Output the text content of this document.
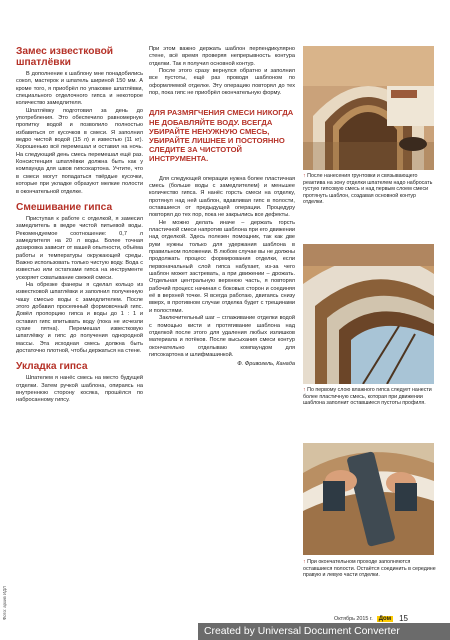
Фото: архив ИДЛ
Замес известковой шпатлёвки

В дополнение к шаблону мне понадобились сокол, мастерок и шпатель шириной 150 мм. А кроме того, я приобрёл по упаковке шпатлёвки, специального отделочного гипса и некоторое количество замедлителя.

Шпатлёвку подготовил за день до употребления. Это обеспечило равномерную пропитку водой и позволило полностью избавиться от кусочков в смеси. Я заполнил ведро чистой водой (15 л) и известью (11 кг). Хорошенько всё перемешал и оставил на ночь. На следующий день смесь перемешал ещё раз. Консистенция шпатлёвки должна быть как у компаунда для швов гипсокартона. Учтите, что в смеси могут попадаться твёрдые кусочки, которые при укладке образуют мелкие полости в окончательной отделке.

Смешивание гипса

Приступая к работе с отделкой, я замесил замедлитель в ведре чистой питьевой воды. Рекомендуемое соотношение: 0,7 л замедлителя на 20 л воды. Более точная дозировка зависит от вашей опытности, объёма работы и температуры окружающей среды. Важно использовать только чистую воду. Вода с известью или остатками гипса на инструменте ускоряет схватывание свежей смеси.

На обрезке фанеры я сделал кольцо из известковой шпатлёвки и заполнил полученную чашу смесью воды с замедлителем. После этого добавил просеянный формовочный гипс. Довёл пропорцию гипса и воды до 1 : 1 и оставил гипс впитывать воду (пока не исчезли сухие пятна). Перемешал известковую шпатлёвку и гипс до получения однородной массы. Эта исходная смесь должна быть достаточно плотной, чтобы держаться на стене.

Укладка гипса

Шпателем я нанёс смесь на место будущей отделки. Затем ручкой шаблона, опираясь на внутреннюю сторону косяка, прошёлся по набросанному гипсу.

При этом важно держать шаблон перпендикулярно стене, всё время проверяя непрерывность контура отделки. Так я получил основной контур.

После этого сразу вернулся обратно и заполнил все пустоты, ещё раз проводя шаблоном по оформляемой отделке. Эту операцию повторял до тех пор, пока гипс не приобрёл окончательную форму.

ДЛЯ РАЗМЯГЧЕНИЯ СМЕСИ НИКОГДА НЕ ДОБАВЛЯЙТЕ ВОДУ. ВСЕГДА УБИРАЙТЕ НЕНУЖНУЮ СМЕСЬ, УБИРАЙТЕ ЛИШНЕЕ И ПОСТОЯННО СЛЕДИТЕ ЗА ЧИСТОТОЙ ИНСТРУМЕНТА.

Для следующей операции нужна более пластичная смесь (больше воды с замедлителем) и меньшее количество гипса. Я нанёс горсть смеси на отделку, протянул над ней шаблон, вдавливая гипс в полости, оставшиеся от предыдущей операции. Процедуру повторял до тех пор, пока не закрылись все дефекты.

Не можно делать иначе – держать горсть пластичной смеси напротив шаблона при его движении над отделкой. Здесь полезен помощник, так как две руки нужны только для удержания шаблона в правильном положении. В любом случае вы не должны продолжать процесс формирования отделки, если первоначальный слой гипса набухает, из-за чего шаблон может застревать, а при движении – дрожать. Отдельная центральную верхнюю часть, я повторял рабочий процесс начиная с боковых сторон и соединяя её в верхней точке. Я всегда работаю, двигаясь снизу вверх, в противном случае отделка будет с трещинами и полостями.

Заключительный шаг – сглаживание отделки водой с помощью кисти и протягивание шаблона над отделкой после этого для удаления любых излишков материала и потёков. После высыхания смеси контур окончательно отделываю компаундом для гипсокартона и шлифмашинкой.

Ф. Фривогель, Канада
↑ После нанесения грунтовки и связывающего реактива на зону отделки шпателем надо набросать густую гипсовую смесь и над первым слоем смеси протянуть шаблон, создавая основной контур отделки.
↑ По первому слою влажного гипса следует нанести более пластичную смесь, которая при движении шаблона заполнит оставшиеся пустоты профиля.
↑ При окончательном проходе заполняются оставшиеся полости. Остаётся соединить в середине правую и левую части отделки.
Октябрь 2015 г.	Дом 15
Created by Universal Document Converter
